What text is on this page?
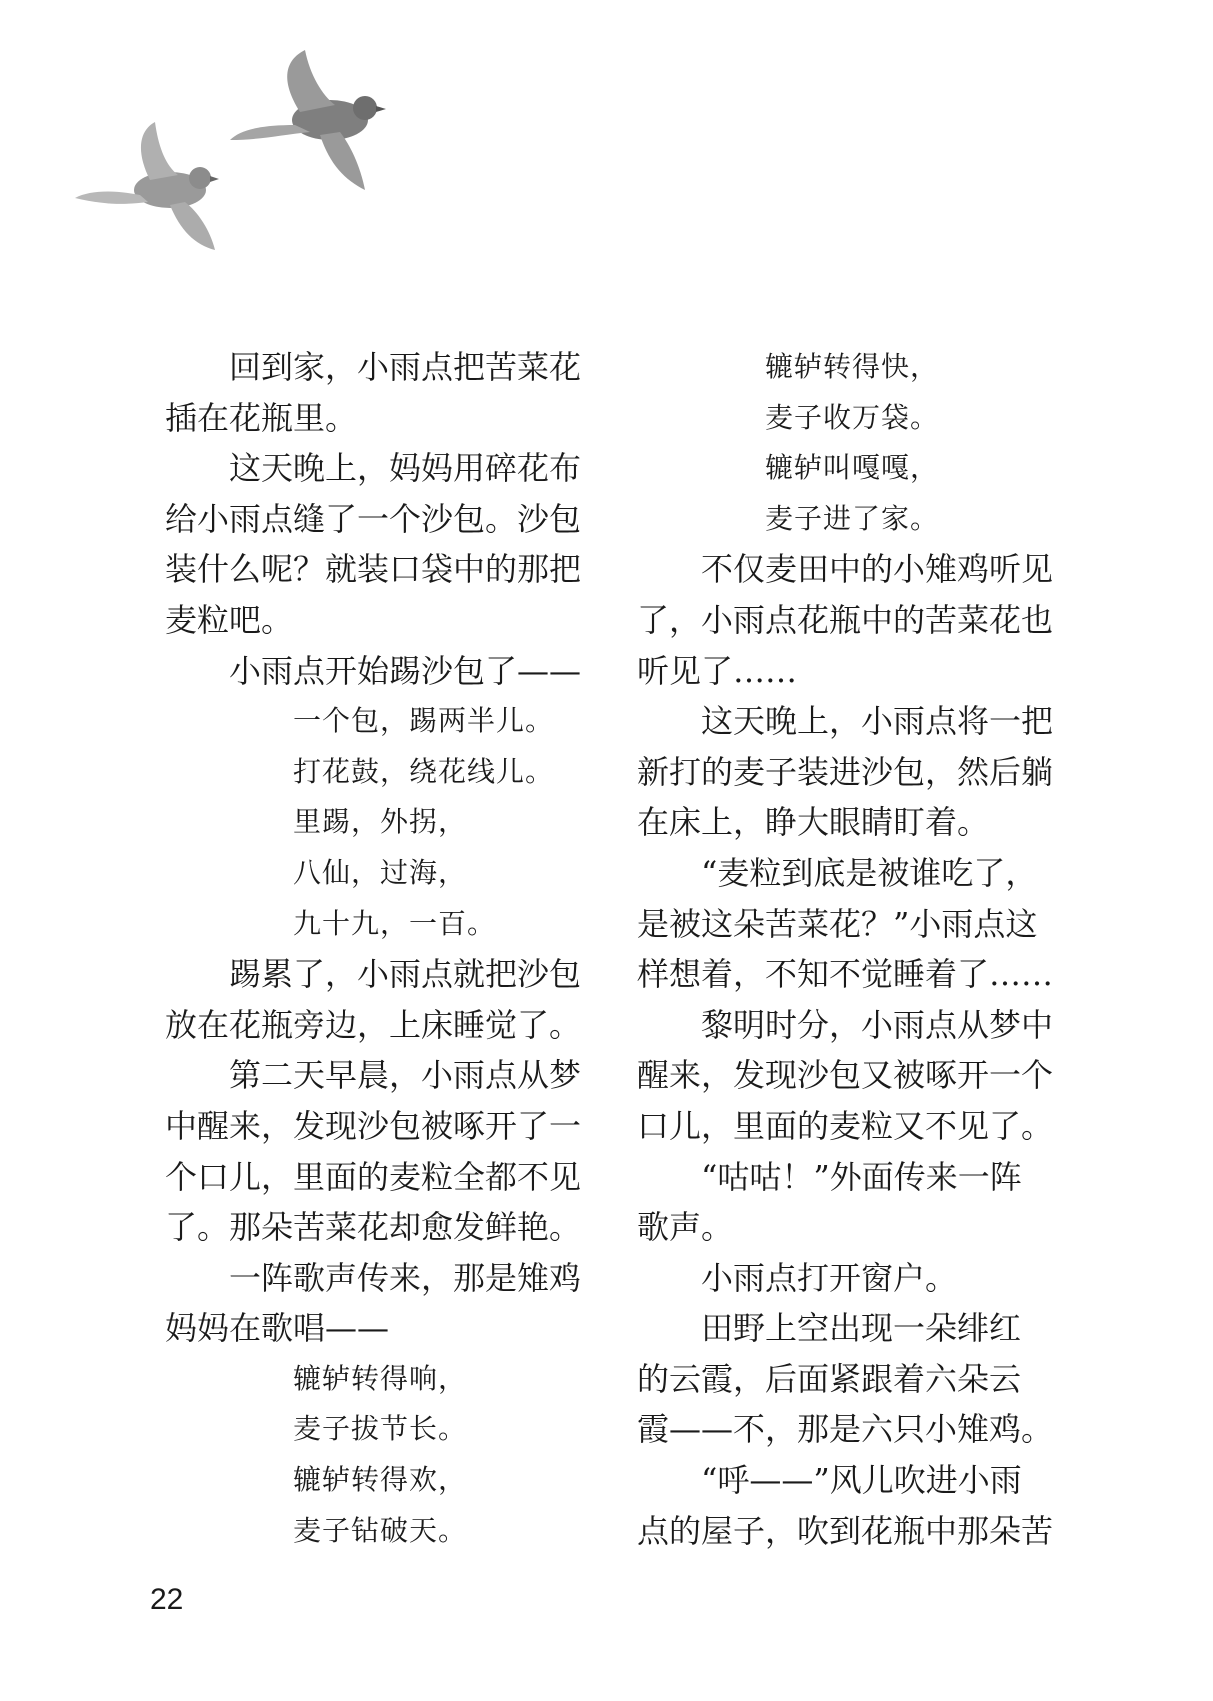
回到家，小雨点把苦菜花
插在花瓶里。
这天晚上，妈妈用碎花布
给小雨点缝了一个沙包。沙包
装什么呢？就装口袋中的那把
麦粒吧。
小雨点开始踢沙包了——
一个包，踢两半儿。
打花鼓，绕花线儿。
里踢，外拐，
八仙，过海，
九十九，一百。
踢累了，小雨点就把沙包
放在花瓶旁边，上床睡觉了。
第二天早晨，小雨点从梦
中醒来，发现沙包被啄开了一
个口儿，里面的麦粒全都不见
了。那朵苦菜花却愈发鲜艳。
一阵歌声传来，那是雉鸡
妈妈在歌唱——
辘轳转得响，
麦子拔节长。
辘轳转得欢，
麦子钻破天。
辘轳转得快，
麦子收万袋。
辘轳叫嘎嘎，
麦子进了家。
不仅麦田中的小雉鸡听见
了，小雨点花瓶中的苦菜花也
听见了……
这天晚上，小雨点将一把
新打的麦子装进沙包，然后躺
在床上，睁大眼睛盯着。
“麦粒到底是被谁吃了，
是被这朵苦菜花？”小雨点这
样想着，不知不觉睡着了……
黎明时分，小雨点从梦中
醒来，发现沙包又被啄开一个
口儿，里面的麦粒又不见了。
“咕咕！”外面传来一阵
歌声。
小雨点打开窗户。
田野上空出现一朵绯红
的云霞，后面紧跟着六朵云
霞——不，那是六只小雉鸡。
“呼——”风儿吹进小雨
点的屋子，吹到花瓶中那朵苦
22
